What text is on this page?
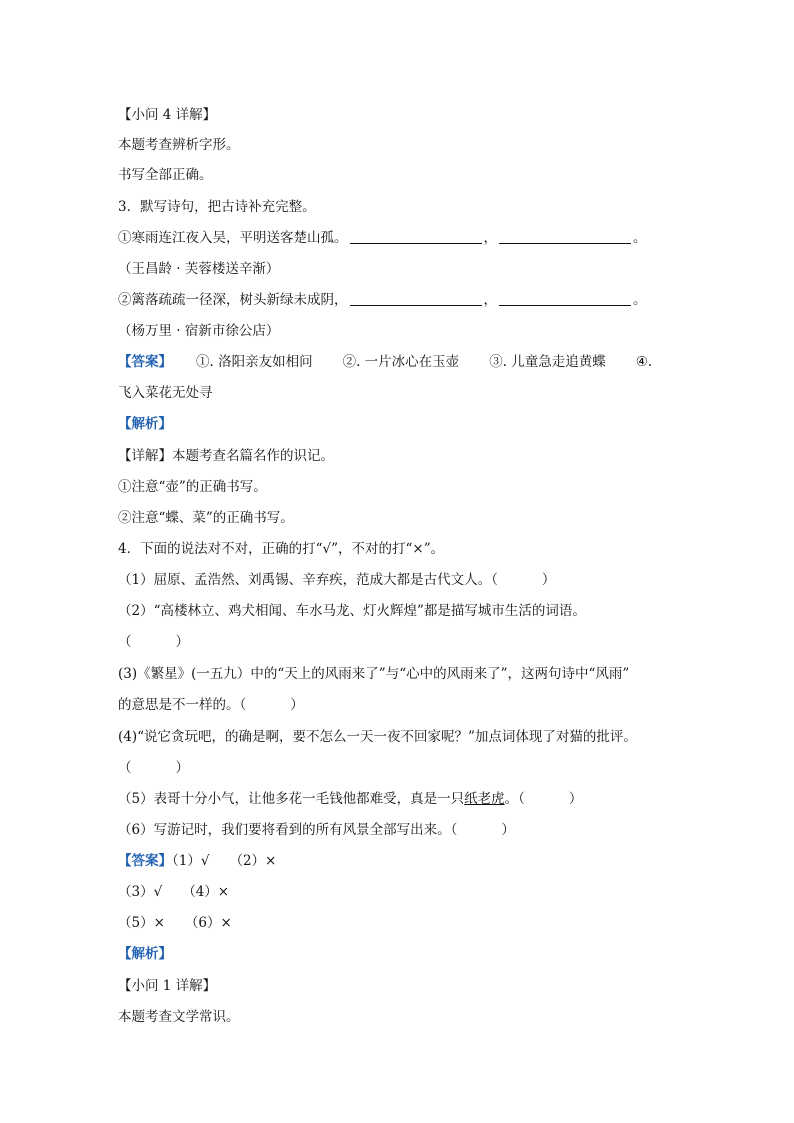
【小问 4 详解】
本题考查辨析字形。
书写全部正确。
3．默写诗句，把古诗补充完整。
①寒雨连江夜入吴，平明送客楚山孤。	，	。
（王昌龄 · 芙蓉楼送辛渐）
②篱落疏疏一径深，树头新绿未成阴，	，	。
（杨万里 · 宿新市徐公店）
【答案】 ①. 洛阳亲友如相问 ②. 一片冰心在玉壶 ③. 儿童急走追黄蝶 ④.
飞入菜花无处寻
【解析】
【详解】本题考查名篇名作的识记。
①注意“壶”的正确书写。
②注意“蝶、菜”的正确书写。
4．下面的说法对不对，正确的打“√”，不对的打“×”。
（1）屈原、孟浩然、刘禹锡、辛弃疾，范成大都是古代文人。（	）
（2）“高楼林立、鸡犬相闻、车水马龙、灯火辉煌”都是描写城市生活的词语。
（	）
(3)《繁星》(一五九）中的“天上的风雨来了”与“心中的风雨来了”，这两句诗中“风雨”
的意思是不一样的。（	）
(4)“说它贪玩吧，的确是啊，要不怎么一天一夜不回家呢？”加点词体现了对猫的批评。
（	）
（5）表哥十分小气，让他多花一毛钱他都难受，真是一只纸老虎。（	）
（6）写游记时，我们要将看到的所有风景全部写出来。（	）
【答案】（1）√ （2）×
（3）√ （4）×
（5）× （6）×
【解析】
【小问 1 详解】
本题考查文学常识。
